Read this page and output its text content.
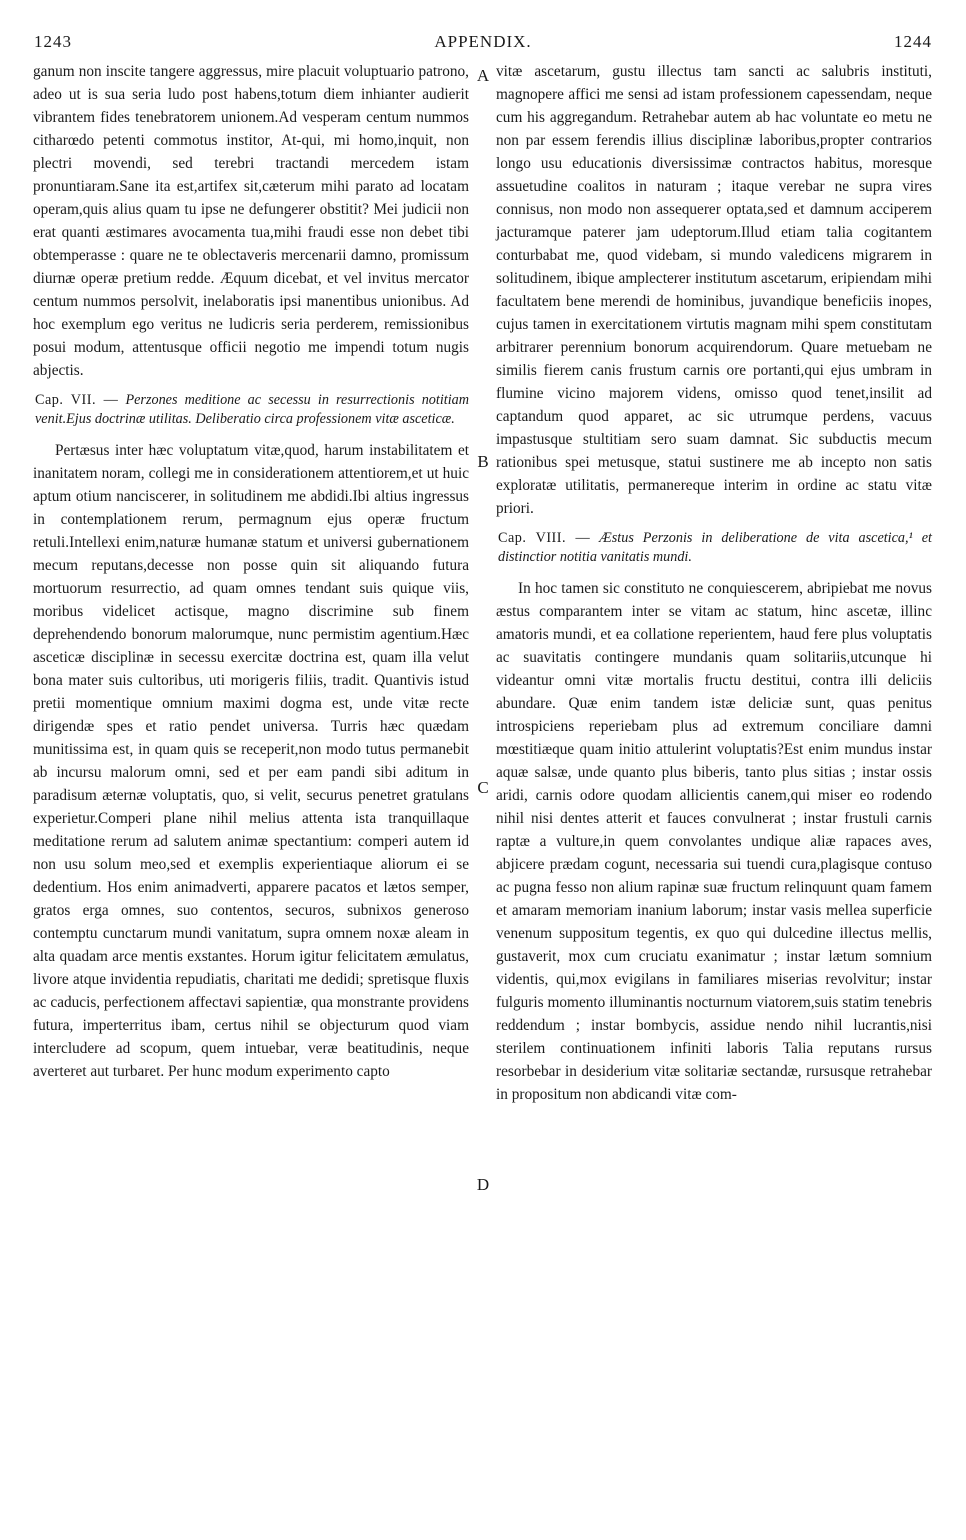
1243	APPENDIX.	1244

ganum non inscite tangere aggressus, mire placuit voluptuario patrono, adeo ut is sua seria ludo post habens,totum diem inhianter audierit vibrantem fides tenebratorem unionem.Ad vesperam centum nummos citharœdo petenti commotus institor, At-qui, mi homo,inquit, non plectri movendi, sed terebri tractandi mercedem istam pronuntiaram.Sane ita est,artifex sit,cæterum mihi parato ad locatam operam,quis alius quam tu ipse ne defungerer obstitit? Mei judicii non erat quanti æstimares avocamenta tua,mihi fraudi esse non debet tibi obtemperasse : quare ne te oblectaveris mercenarii damno, promissum diurnæ operæ pretium redde. Æquum dicebat, et vel invitus mercator centum nummos persolvit, inelaboratis ipsi manentibus unionibus. Ad hoc exemplum ego veritus ne ludicris seria perderem, remissionibus posui modum, attentusque officii negotio me impendi totum nugis abjectis.

Cap. VII. — Perzones meditione ac secessu in resurrectionis notitiam venit.Ejus doctrinæ utilitas. Deliberatio circa professionem vitæ asceticæ.

Pertæsus inter hæc voluptatum vitæ,quod, harum instabilitatem et inanitatem noram, collegi me in considerationem attentiorem,et ut huic aptum otium nanciscerer, in solitudinem me abdidi.Ibi altius ingressus in contemplationem rerum, permagnum ejus operæ fructum retuli.Intellexi enim,naturæ humanæ statum et universi gubernationem mecum reputans,decesse non posse quin sit aliquando futura mortuorum resurrectio, ad quam omnes tendant suis quique viis, moribus videlicet actisque, magno discrimine sub finem deprehendendo bonorum malorumque, nunc permistim agentium.Hæc asceticæ disciplinæ in secessu exercitæ doctrina est, quam illa velut bona mater suis cultoribus, uti morigeris filiis, tradit. Quantivis istud pretii momentique omnium maximi dogma est, unde vitæ recte dirigendæ spes et ratio pendet universa. Turris hæc quædam munitissima est, in quam quis se receperit,non modo tutus permanebit ab incursu malorum omni, sed et per eam pandi sibi aditum in paradisum æternæ voluptatis, quo, si velit, securus penetret gratulans experietur.Comperi plane nihil melius attenta ista tranquillaque meditatione rerum ad salutem animæ spectantium: comperi autem id non usu solum meo,sed et exemplis experientiaque aliorum ei se dedentium. Hos enim animadverti, apparere pacatos et lætos semper, gratos erga omnes, suo contentos, securos, subnixos generoso contemptu cunctarum mundi vanitatum, supra omnem noxæ aleam in alta quadam arce mentis exstantes. Horum igitur felicitatem æmulatus, livore atque invidentia repudiatis, charitati me dedidi; spretisque fluxis ac caducis, perfectionem affectavi sapientiæ, qua monstrante providens futura, imperterritus ibam, certus nihil se objecturum quod viam intercludere ad scopum, quem intuebar, veræ beatitudinis, neque averteret aut turbaret. Per hunc modum experimento capto

vitæ ascetarum, gustu illectus tam sancti ac salubris instituti, magnopere affici me sensi ad istam professionem capessendam, neque cum his aggregandum. Retrahebar autem ab hac voluntate eo metu ne non par essem ferendis illius disciplinæ laboribus,propter contrarios longo usu educationis diversissimæ contractos habitus, moresque assuetudine coalitos in naturam ; itaque verebar ne supra vires connisus, non modo non assequerer optata,sed et damnum acciperem jacturamque paterer jam udeptorum.Illud etiam talia cogitantem conturbabat me, quod videbam, si mundo valedicens migrarem in solitudinem, ibique amplecterer institutum ascetarum, eripiendam mihi facultatem bene merendi de hominibus, juvandique beneficiis inopes, cujus tamen in exercitationem virtutis magnam mihi spem constitutam arbitrarer perennium bonorum acquirendorum. Quare metuebam ne similis fierem canis frustum carnis ore portanti,qui ejus umbram in flumine vicino majorem videns, omisso quod tenet,insilit ad captandum quod apparet, ac sic utrumque perdens, vacuus impastusque stultitiam sero suam damnat. Sic subductis mecum rationibus spei metusque, statui sustinere me ab incepto non satis exploratæ utilitatis, permanereque interim in ordine ac statu vitæ priori.

Cap. VIII. — Æstus Perzonis in deliberatione de vita ascetica,¹ et distinctior notitia vanitatis mundi.

In hoc tamen sic constituto ne conquiescerem, abripiebat me novus æstus comparantem inter se vitam ac statum, hinc ascetæ, illinc amatoris mundi, et ea collatione reperientem, haud fere plus voluptatis ac suavitatis contingere mundanis quam solitariis,utcunque hi videantur omni vitæ mortalis fructu destitui, contra illi deliciis abundare. Quæ enim tandem istæ deliciæ sunt, quas penitus introspiciens reperiebam plus ad extremum conciliare damni mœstitiæque quam initio attulerint voluptatis?Est enim mundus instar aquæ salsæ, unde quanto plus biberis, tanto plus sitias ; instar ossis aridi, carnis odore quodam allicientis canem,qui miser eo rodendo nihil nisi dentes atterit et fauces convulnerat ; instar frustuli carnis raptæ a vulture,in quem convolantes undique aliæ rapaces aves, abjicere prædam cogunt, necessaria sui tuendi cura,plagisque contuso ac pugna fesso non alium rapinæ suæ fructum relinquunt quam famem et amaram memoriam inanium laborum; instar vasis mellea superficie venenum suppositum tegentis, ex quo qui dulcedine illectus mellis, gustaverit, mox cum cruciatu exanimatur ; instar lætum somnium videntis, qui,mox evigilans in familiares miserias revolvitur; instar fulguris momento illuminantis nocturnum viatorem,suis statim tenebris reddendum ; instar bombycis, assidue nendo nihil lucrantis,nisi sterilem continuationem infiniti laboris Talia reputans rursus resorbebar in desiderium vitæ solitariæ sectandæ, rursusque retrahebar in propositum non abdicandi vitæ com-

A
B
C
D
